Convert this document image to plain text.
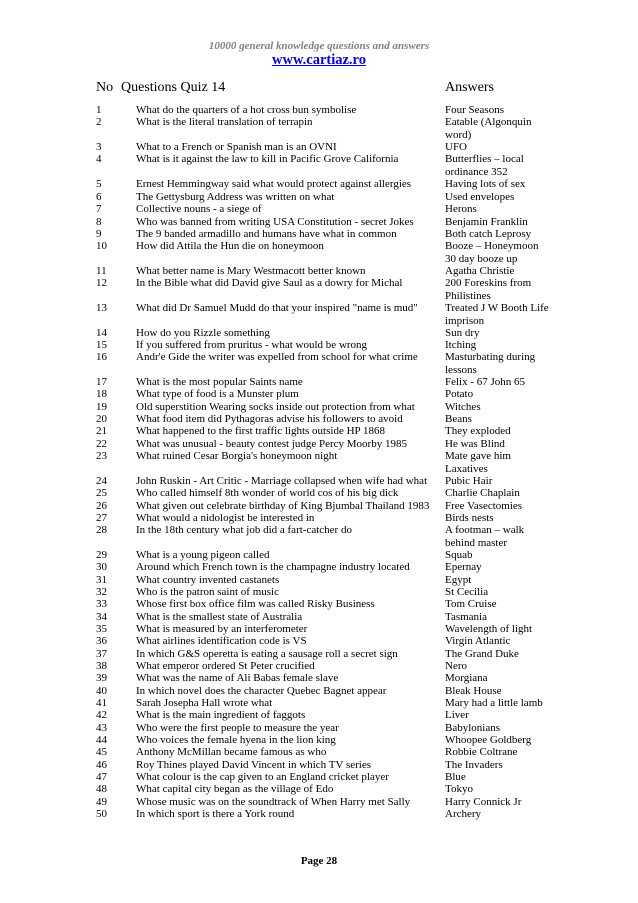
10000 general knowledge questions and answers
www.cartiaz.ro
No Questions Quiz 14	Answers
1	What do the quarters of a hot cross bun symbolise	Four Seasons
2	What is the literal translation of terrapin	Eatable (Algonquin word)
3	What to a French or Spanish man is an OVNI	UFO
4	What is it against the law to kill in Pacific Grove California	Butterflies – local ordinance 352
5	Ernest Hemmingway said what would protect against allergies	Having lots of sex
6	The Gettysburg Address was written on what	Used envelopes
7	Collective nouns - a siege of	Herons
8	Who was banned from writing USA Constitution - secret Jokes	Benjamin Franklin
9	The 9 banded armadillo and humans have what in common	Both catch Leprosy
10	How did Attila the Hun die on honeymoon	Booze – Honeymoon 30 day booze up
11	What better name is Mary Westmacott better known	Agatha Christie
12	In the Bible what did David give Saul as a dowry for Michal	200 Foreskins from Philistines
13	What did Dr Samuel Mudd do that your inspired "name is mud"	Treated J W Booth Life imprison
14	How do you Rizzle something	Sun dry
15	If you suffered from pruritus - what would be wrong	Itching
16	Andr'e Gide the writer was expelled from school for what crime	Masturbating during lessons
17	What is the most popular Saints name	Felix - 67 John 65
18	What type of food is a Munster plum	Potato
19	Old superstition Wearing socks inside out protection from what	Witches
20	What food item did Pythagoras advise his followers to avoid	Beans
21	What happened to the first traffic lights outside HP 1868	They exploded
22	What was unusual - beauty contest judge Percy Moorby 1985	He was Blind
23	What ruined Cesar Borgia's honeymoon night	Mate gave him Laxatives
24	John Ruskin - Art Critic - Marriage collapsed when wife had what	Pubic Hair
25	Who called himself 8th wonder of world cos of his big dick	Charlie Chaplain
26	What given out celebrate birthday of King Bjumbal Thailand 1983	Free Vasectomies
27	What would a nidologist be interested in	Birds nests
28	In the 18th century what job did a fart-catcher do	A footman – walk behind master
29	What is a young pigeon called	Squab
30	Around which French town is the champagne industry located	Epernay
31	What country invented castanets	Egypt
32	Who is the patron saint of music	St Cecilia
33	Whose first box office film was called Risky Business	Tom Cruise
34	What is the smallest state of Australia	Tasmania
35	What is measured by an interferometer	Wavelength of light
36	What airlines identification code is VS	Virgin Atlantic
37	In which G&S operetta is eating a sausage roll a secret sign	The Grand Duke
38	What emperor ordered St Peter crucified	Nero
39	What was the name of Ali Babas female slave	Morgiana
40	In which novel does the character Quebec Bagnet appear	Bleak House
41	Sarah Josepha Hall wrote what	Mary had a little lamb
42	What is the main ingredient of faggots	Liver
43	Who were the first people to measure the year	Babylonians
44	Who voices the female hyena in the lion king	Whoopee Goldberg
45	Anthony McMillan became famous as who	Robbie Coltrane
46	Roy Thines played David Vincent in which TV series	The Invaders
47	What colour is the cap given to an England cricket player	Blue
48	What capital city began as the village of Edo	Tokyo
49	Whose music was on the soundtrack of When Harry met Sally	Harry Connick Jr
50	In which sport is there a York round	Archery
Page 28
